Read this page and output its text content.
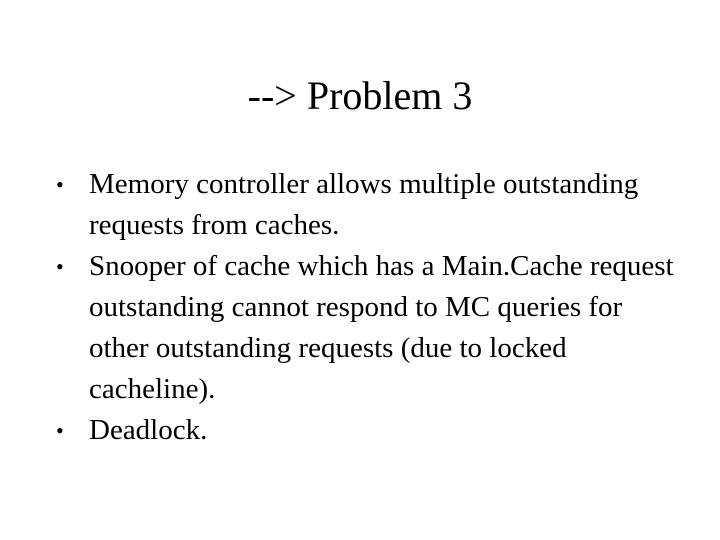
--> Problem 3
• Memory controller allows multiple outstanding requests from caches.
• Snooper of cache which has a Main.Cache request outstanding cannot respond to MC queries for other outstanding requests (due to locked cacheline).
• Deadlock.
